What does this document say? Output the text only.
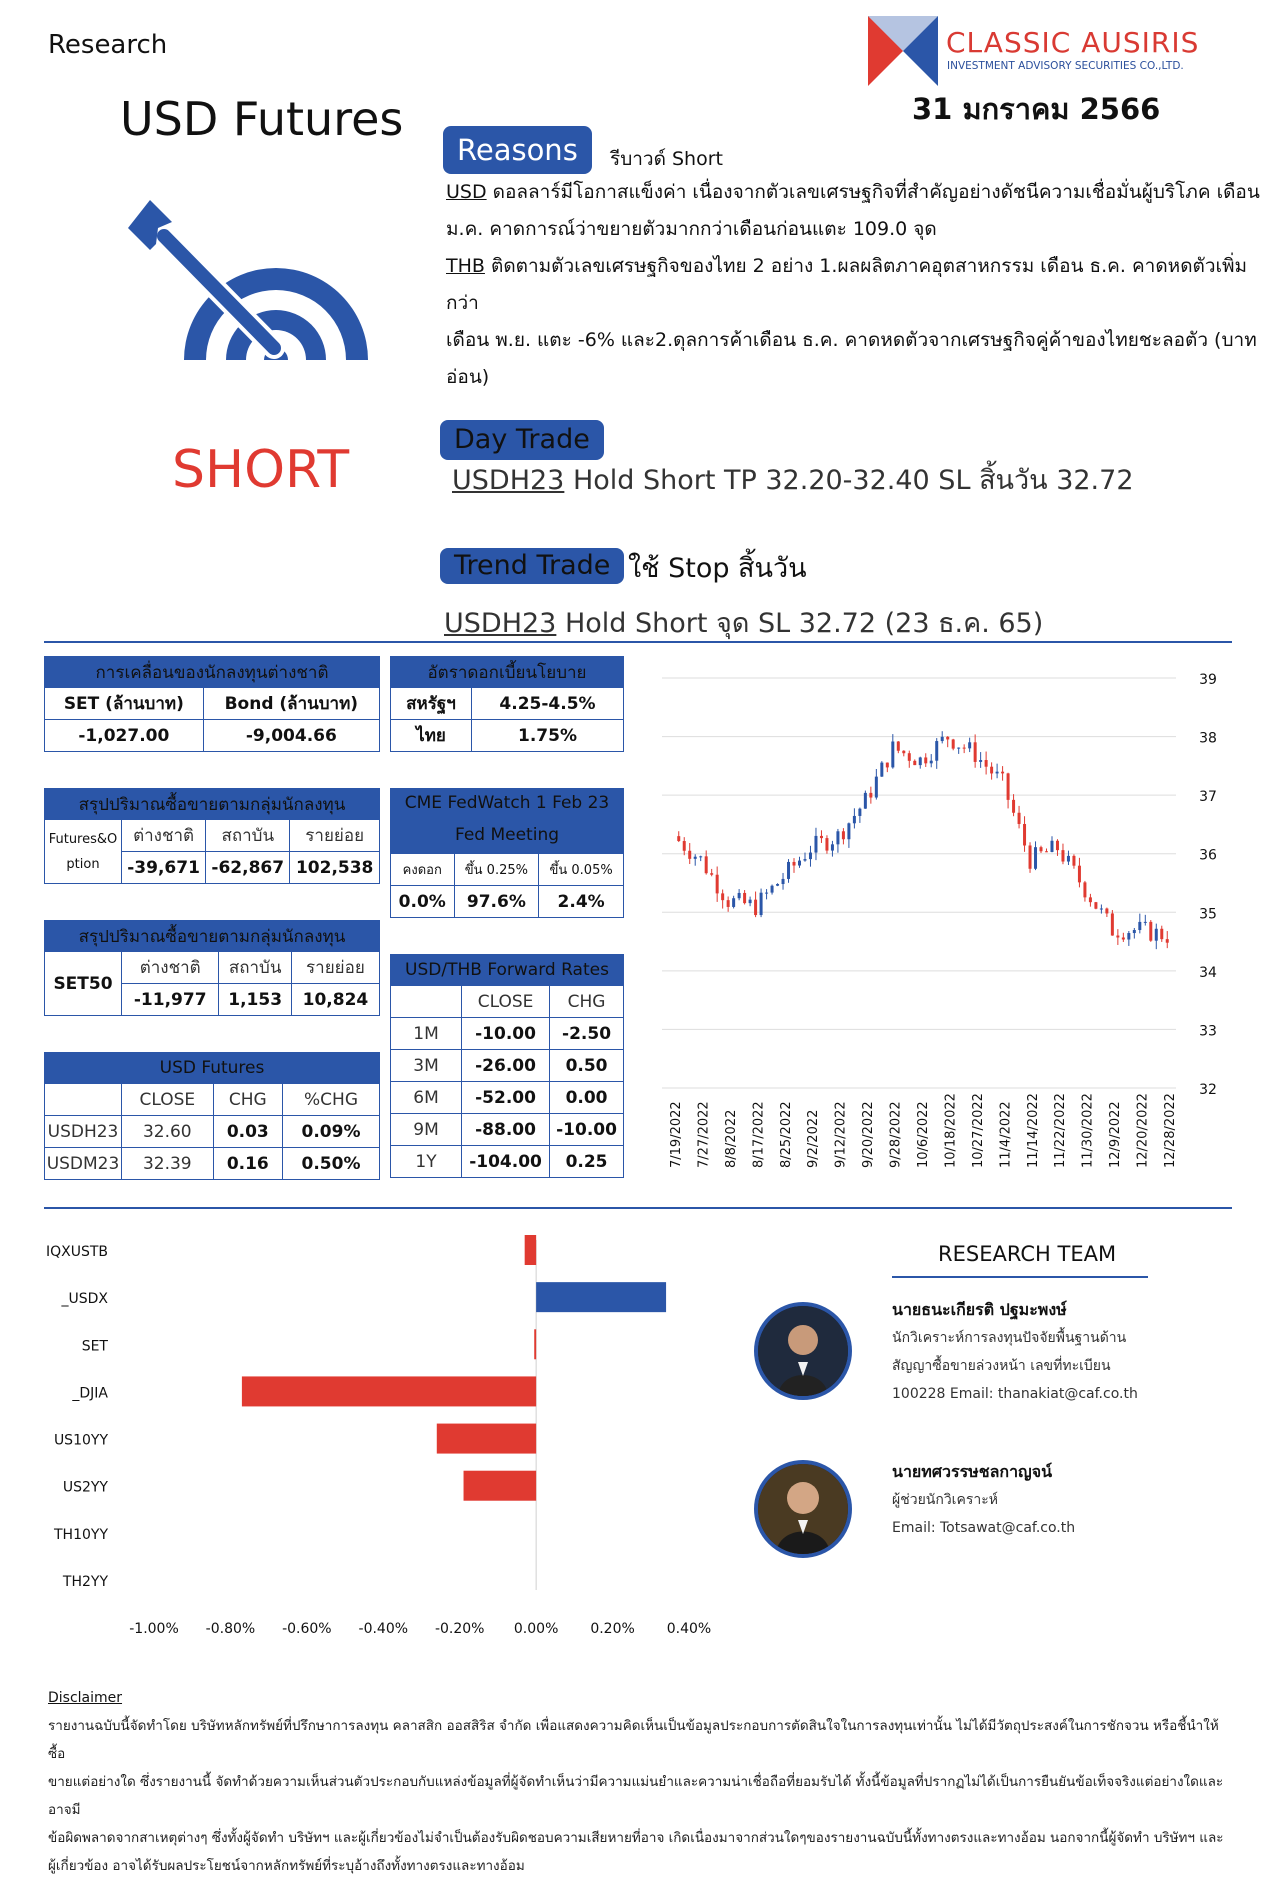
Research	CLASSIC AUSIRIS
INVESTMENT ADVISORY SECURITIES CO.,LTD.
31 มกราคม 2566
USD Futures
SHORT
Reasons	รีบาวด์ Short
USD ดอลลาร์มีโอกาสแข็งค่า เนื่องจากตัวเลขเศรษฐกิจที่สำคัญอย่างดัชนีความเชื่อมั่นผู้บริโภค เดือน
ม.ค. คาดการณ์ว่าขยายตัวมากกว่าเดือนก่อนแตะ 109.0 จุด
THB ติดตามตัวเลขเศรษฐกิจของไทย 2 อย่าง 1.ผลผลิตภาคอุตสาหกรรม เดือน ธ.ค. คาดหดตัวเพิ่มกว่า
เดือน พ.ย. แตะ -6% และ2.ดุลการค้าเดือน ธ.ค. คาดหดตัวจากเศรษฐกิจคู่ค้าของไทยชะลอตัว (บาท
อ่อน)
Day Trade
USDH23 Hold Short TP 32.20-32.40 SL สิ้นวัน 32.72
Trend Trade ใช้ Stop สิ้นวัน
USDH23 Hold Short จุด SL 32.72 (23 ธ.ค. 65)
การเคลื่อนของนักลงทุนต่างชาติ	
SET (ล้านบาท)	Bond (ล้านบาท)
-1,027.00	-9,004.66
อัตราดอกเบี้ยนโยบาย	
สหรัฐฯ	4.25-4.5%
ไทย	1.75%
สรุปปริมาณซื้อขายตามกลุ่มนักลงทุน			

Futures&O
ption	ต่างชาติ	สถาบัน	รายย่อย
	-39,671	-62,867	102,538
CME FedWatch 1 Feb 23
Fed Meeting		

คงดอก	ขึ้น 0.25%	ขึ้น 0.05%
0.0%	97.6%	2.4%
สรุปปริมาณซื้อขายตามกลุ่มนักลงทุน			
SET50	ต่างชาติ	สถาบัน	รายย่อย
	-11,977	1,153	10,824
USD/THB Forward Rates		
	CLOSE	CHG
1M	-10.00	-2.50
3M	-26.00	0.50
6M	-52.00	0.00
9M	-88.00	-10.00
1Y	-104.00	0.25
USD Futures			
	CLOSE	CHG	%CHG
USDH23	32.60	0.03	0.09%
USDM23	32.39	0.16	0.50%
39
38
37
36
35
34
33
32
7/19/2022 7/27/2022 8/8/2022 8/17/2022 8/25/2022 9/2/2022 9/12/2022 9/20/2022 9/28/2022 10/6/2022 10/18/2022 10/27/2022 11/4/2022 11/14/2022 11/22/2022 11/30/2022 12/9/2022 12/20/2022 12/28/2022
IQXUSTB
_USDX
SET
_DJIA
US10YY
US2YY
TH10YY
TH2YY
-1.00% -0.80% -0.60% -0.40% -0.20% 0.00% 0.20% 0.40%
RESEARCH TEAM
นายธนะเกียรติ ปฐมะพงษ์
นักวิเคราะห์การลงทุนปัจจัยพื้นฐานด้าน
สัญญาซื้อขายล่วงหน้า เลขที่ทะเบียน
100228 Email: thanakiat@caf.co.th
นายทศวรรษชลกาญจน์
ผู้ช่วยนักวิเคราะห์
Email: Totsawat@caf.co.th
Disclaimer
รายงานฉบับนี้จัดทำโดย บริษัทหลักทรัพย์ที่ปรึกษาการลงทุน คลาสสิก ออสสิริส จำกัด เพื่อแสดงความคิดเห็นเป็นข้อมูลประกอบการตัดสินใจในการลงทุนเท่านั้น ไม่ได้มีวัตถุประสงค์ในการชักจวน หรือชี้นำให้ซื้อ
ขายแต่อย่างใด ซึ่งรายงานนี้ จัดทำด้วยความเห็นส่วนตัวประกอบกับแหล่งข้อมูลที่ผู้จัดทำเห็นว่ามีความแม่นยำและความน่าเชื่อถือที่ยอมรับได้ ทั้งนี้ข้อมูลที่ปรากฏไม่ได้เป็นการยืนยันข้อเท็จจริงแต่อย่างใดและอาจมี
ข้อผิดพลาดจากสาเหตุต่างๆ ซึ่งทั้งผู้จัดทำ บริษัทฯ และผู้เกี่ยวข้องไม่จำเป็นต้องรับผิดชอบความเสียหายที่อาจ เกิดเนื่องมาจากส่วนใดๆของรายงานฉบับนี้ทั้งทางตรงและทางอ้อม นอกจากนี้ผู้จัดทำ บริษัทฯ และ
ผู้เกี่ยวข้อง อาจได้รับผลประโยชน์จากหลักทรัพย์ที่ระบุอ้างถึงทั้งทางตรงและทางอ้อม
